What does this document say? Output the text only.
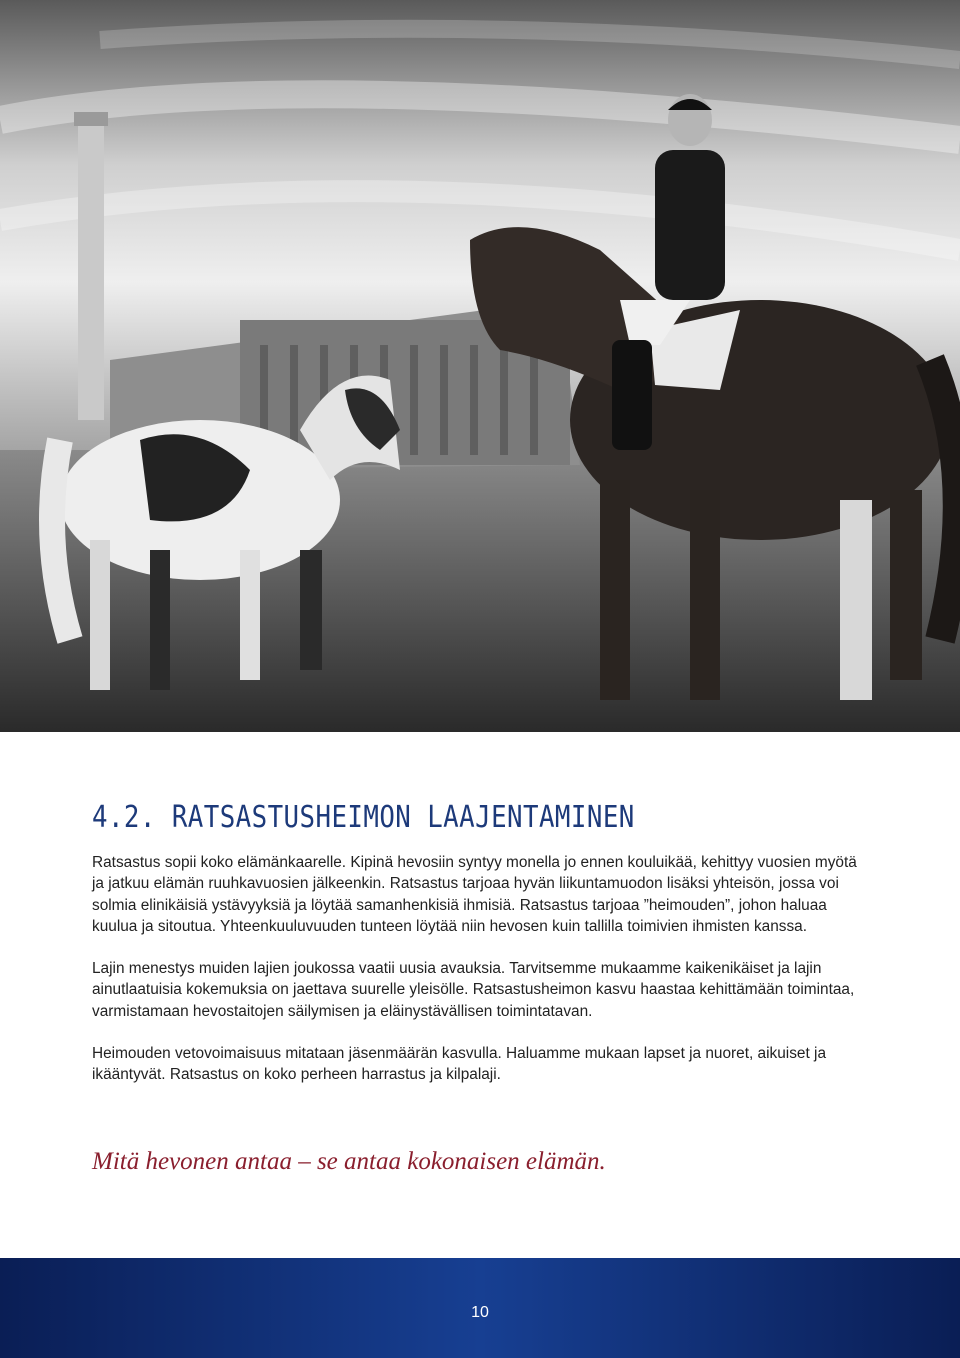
4.2. RATSASTUSHEIMON LAAJENTAMINEN

Ratsastus sopii koko elämänkaarelle. Kipinä hevosiin syntyy monella jo ennen kouluikää, kehittyy vuosien myötä ja jatkuu elämän ruuhkavuosien jälkeenkin. Ratsastus tarjoaa hyvän liikuntamuodon lisäksi yhteisön, jossa voi solmia elinikäisiä ystävyyksiä ja löytää samanhenkisiä ihmisiä. Ratsastus tarjoaa ”heimouden”, johon haluaa kuulua ja sitoutua. Yhteenkuuluvuuden tunteen löytää niin hevosen kuin tallilla toimivien ihmisten kanssa.

Lajin menestys muiden lajien joukossa vaatii uusia avauksia. Tarvitsemme mukaamme kaikenikäiset ja lajin ainutlaatuisia kokemuksia on jaettava suurelle yleisölle. Ratsastusheimon kasvu haastaa kehittämään toimintaa, varmistamaan hevostaitojen säilymisen ja eläinystävällisen toimintatavan.

Heimouden vetovoimaisuus mitataan jäsenmäärän kasvulla. Haluamme mukaan lapset ja nuoret, aikuiset ja ikääntyvät. Ratsastus on koko perheen harrastus ja kilpalaji.

Mitä hevonen antaa – se antaa kokonaisen elämän.
10
